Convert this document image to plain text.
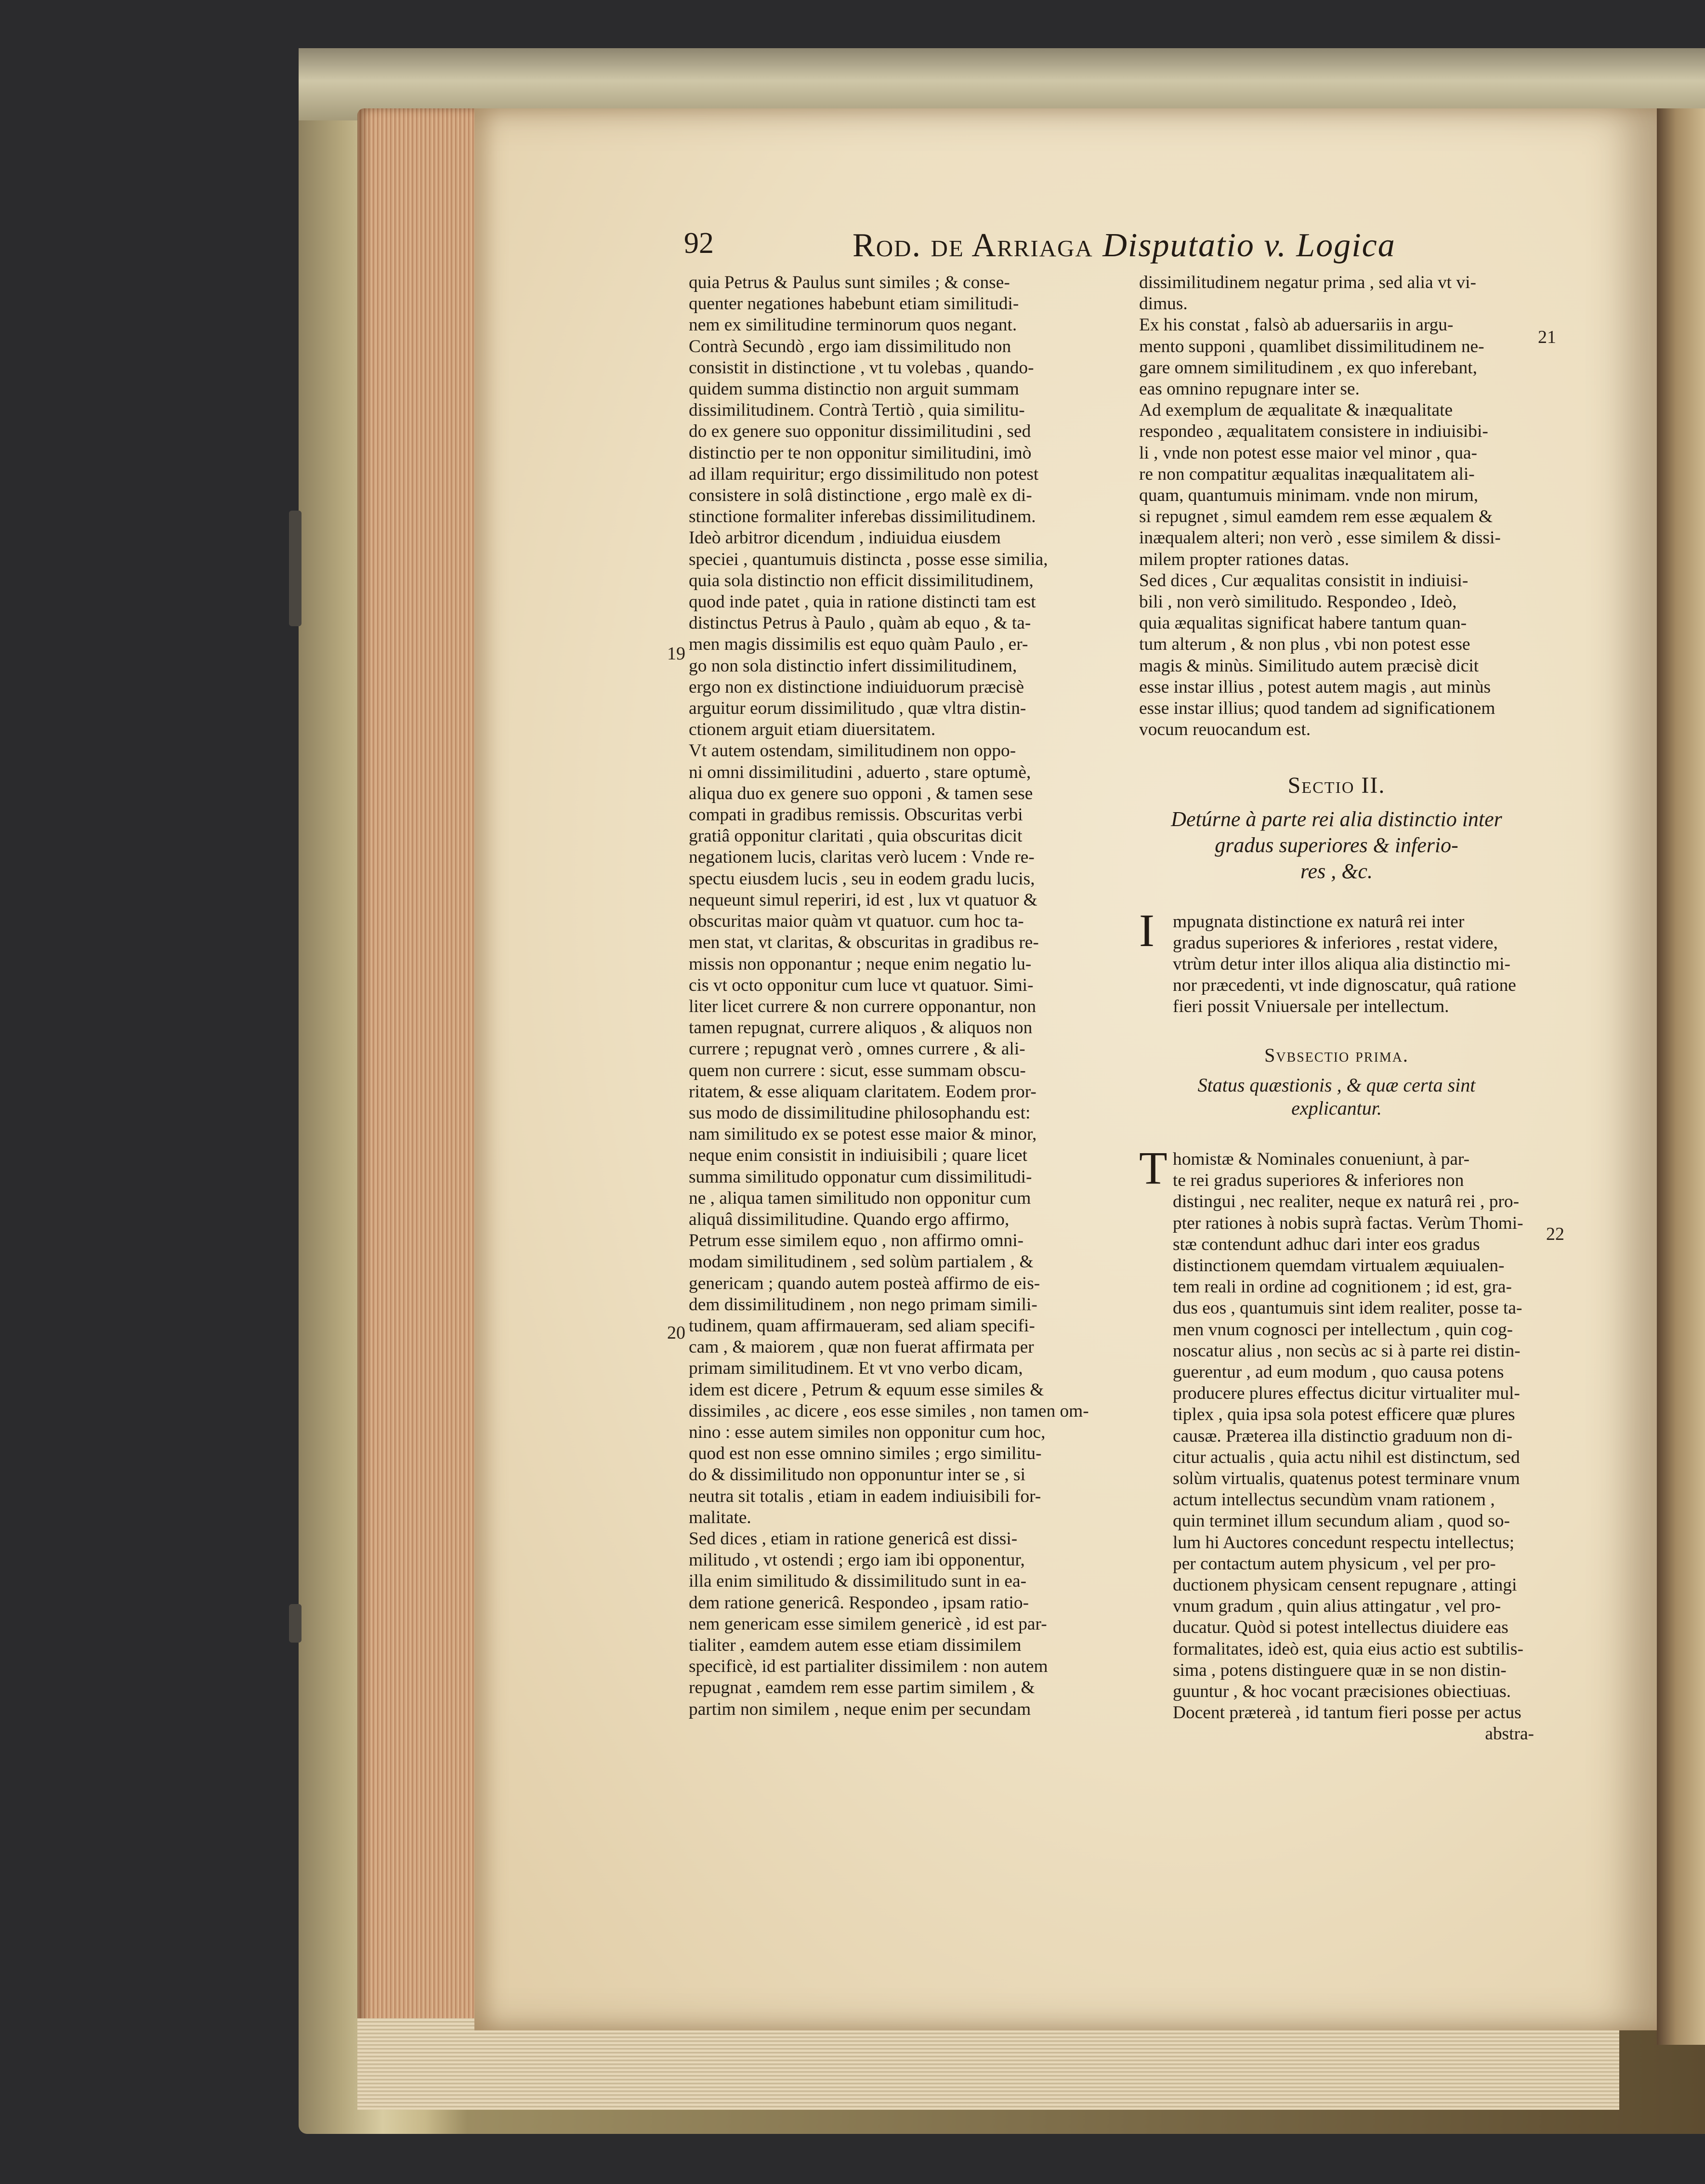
92	Rod. de Arriaga Disputatio v. Logica
quia Petrus & Paulus sunt similes ; & conse-
quenter negationes habebunt etiam similitudi-
nem ex similitudine terminorum quos negant.
Contrà Secundò , ergo iam dissimilitudo non
consistit in distinctione , vt tu volebas , quando-
quidem summa distinctio non arguit summam
dissimilitudinem. Contrà Tertiò , quia similitu-
do ex genere suo opponitur dissimilitudini , sed
distinctio per te non opponitur similitudini, imò
ad illam requiritur; ergo dissimilitudo non potest
consistere in solâ distinctione , ergo malè ex di-
stinctione formaliter inferebas dissimilitudinem.
Ideò arbitror dicendum , indiuidua eiusdem
speciei , quantumuis distincta , posse esse similia,
quia sola distinctio non efficit dissimilitudinem,
quod inde patet , quia in ratione distincti tam est
distinctus Petrus à Paulo , quàm ab equo , & ta-
men magis dissimilis est equo quàm Paulo , er-
go non sola distinctio infert dissimilitudinem,
ergo non ex distinctione indiuiduorum præcisè
arguitur eorum dissimilitudo , quæ vltra distin-
ctionem arguit etiam diuersitatem.
Vt autem ostendam, similitudinem non oppo-
ni omni dissimilitudini , aduerto , stare optumè,
aliqua duo ex genere suo opponi , & tamen sese
compati in gradibus remissis. Obscuritas verbi
gratiâ opponitur claritati , quia obscuritas dicit
negationem lucis, claritas verò lucem : Vnde re-
spectu eiusdem lucis , seu in eodem gradu lucis,
nequeunt simul reperiri, id est , lux vt quatuor &
obscuritas maior quàm vt quatuor. cum hoc ta-
men stat, vt claritas, & obscuritas in gradibus re-
missis non opponantur ; neque enim negatio lu-
cis vt octo opponitur cum luce vt quatuor. Simi-
liter licet currere & non currere opponantur, non
tamen repugnat, currere aliquos , & aliquos non
currere ; repugnat verò , omnes currere , & ali-
quem non currere : sicut, esse summam obscu-
ritatem, & esse aliquam claritatem. Eodem pror-
sus modo de dissimilitudine philosophandu est:
nam similitudo ex se potest esse maior & minor,
neque enim consistit in indiuisibili ; quare licet
summa similitudo opponatur cum dissimilitudi-
ne , aliqua tamen similitudo non opponitur cum
aliquâ dissimilitudine. Quando ergo affirmo,
Petrum esse similem equo , non affirmo omni-
modam similitudinem , sed solùm partialem , &
genericam ; quando autem posteà affirmo de eis-
dem dissimilitudinem , non nego primam simili-
tudinem, quam affirmaueram, sed aliam specifi-
cam , & maiorem , quæ non fuerat affirmata per
primam similitudinem. Et vt vno verbo dicam,
idem est dicere , Petrum & equum esse similes &
dissimiles , ac dicere , eos esse similes , non tamen om-
nino : esse autem similes non opponitur cum hoc,
quod est non esse omnino similes ; ergo similitu-
do & dissimilitudo non opponuntur inter se , si
neutra sit totalis , etiam in eadem indiuisibili for-
malitate.
Sed dices , etiam in ratione genericâ est dissi-
militudo , vt ostendi ; ergo iam ibi opponentur,
illa enim similitudo & dissimilitudo sunt in ea-
dem ratione genericâ. Respondeo , ipsam ratio-
nem genericam esse similem genericè , id est par-
tialiter , eamdem autem esse etiam dissimilem
specificè, id est partialiter dissimilem : non autem
repugnat , eamdem rem esse partim similem , &
partim non similem , neque enim per secundam
dissimilitudinem negatur prima , sed alia vt vi-
dimus.
Ex his constat , falsò ab aduersariis in argu-
mento supponi , quamlibet dissimilitudinem ne-
gare omnem similitudinem , ex quo inferebant,
eas omnino repugnare inter se.
Ad exemplum de æqualitate & inæqualitate
respondeo , æqualitatem consistere in indiuisibi-
li , vnde non potest esse maior vel minor , qua-
re non compatitur æqualitas inæqualitatem ali-
quam, quantumuis minimam. vnde non mirum,
si repugnet , simul eamdem rem esse æqualem &
inæqualem alteri; non verò , esse similem & dissi-
milem propter rationes datas.
Sed dices , Cur æqualitas consistit in indiuisi-
bili , non verò similitudo. Respondeo , Ideò,
quia æqualitas significat habere tantum quan-
tum alterum , & non plus , vbi non potest esse
magis & minùs. Similitudo autem præcisè dicit
esse instar illius , potest autem magis , aut minùs
esse instar illius; quod tandem ad significationem
vocum reuocandum est.
Sectio II.
Detúrne à parte rei alia distinctio inter
gradus superiores & inferio-
res , &c.
I mpugnata distinctione ex naturâ rei inter
gradus superiores & inferiores , restat videre,
vtrùm detur inter illos aliqua alia distinctio mi-
nor præcedenti, vt inde dignoscatur, quâ ratione
fieri possit Vniuersale per intellectum.
Svbsectio prima.
Status quæstionis , & quæ certa sint
explicantur.
T homistæ & Nominales conueniunt, à par-
te rei gradus superiores & inferiores non
distingui , nec realiter, neque ex naturâ rei , pro-
pter rationes à nobis suprà factas. Verùm Thomi-
stæ contendunt adhuc dari inter eos gradus
distinctionem quemdam virtualem æquiualen-
tem reali in ordine ad cognitionem ; id est, gra-
dus eos , quantumuis sint idem realiter, posse ta-
men vnum cognosci per intellectum , quin cog-
noscatur alius , non secùs ac si à parte rei distin-
guerentur , ad eum modum , quo causa potens
producere plures effectus dicitur virtualiter mul-
tiplex , quia ipsa sola potest efficere quæ plures
causæ. Præterea illa distinctio graduum non di-
citur actualis , quia actu nihil est distinctum, sed
solùm virtualis, quatenus potest terminare vnum
actum intellectus secundùm vnam rationem ,
quin terminet illum secundum aliam , quod so-
lum hi Auctores concedunt respectu intellectus;
per contactum autem physicum , vel per pro-
ductionem physicam censent repugnare , attingi
vnum gradum , quin alius attingatur , vel pro-
ducatur. Quòd si potest intellectus diuidere eas
formalitates, ideò est, quia eius actio est subtilis-
sima , potens distinguere quæ in se non distin-
guuntur , & hoc vocant præcisiones obiectiuas.
Docent prætereà , id tantum fieri posse per actus
abstra-
19
20
21
22
